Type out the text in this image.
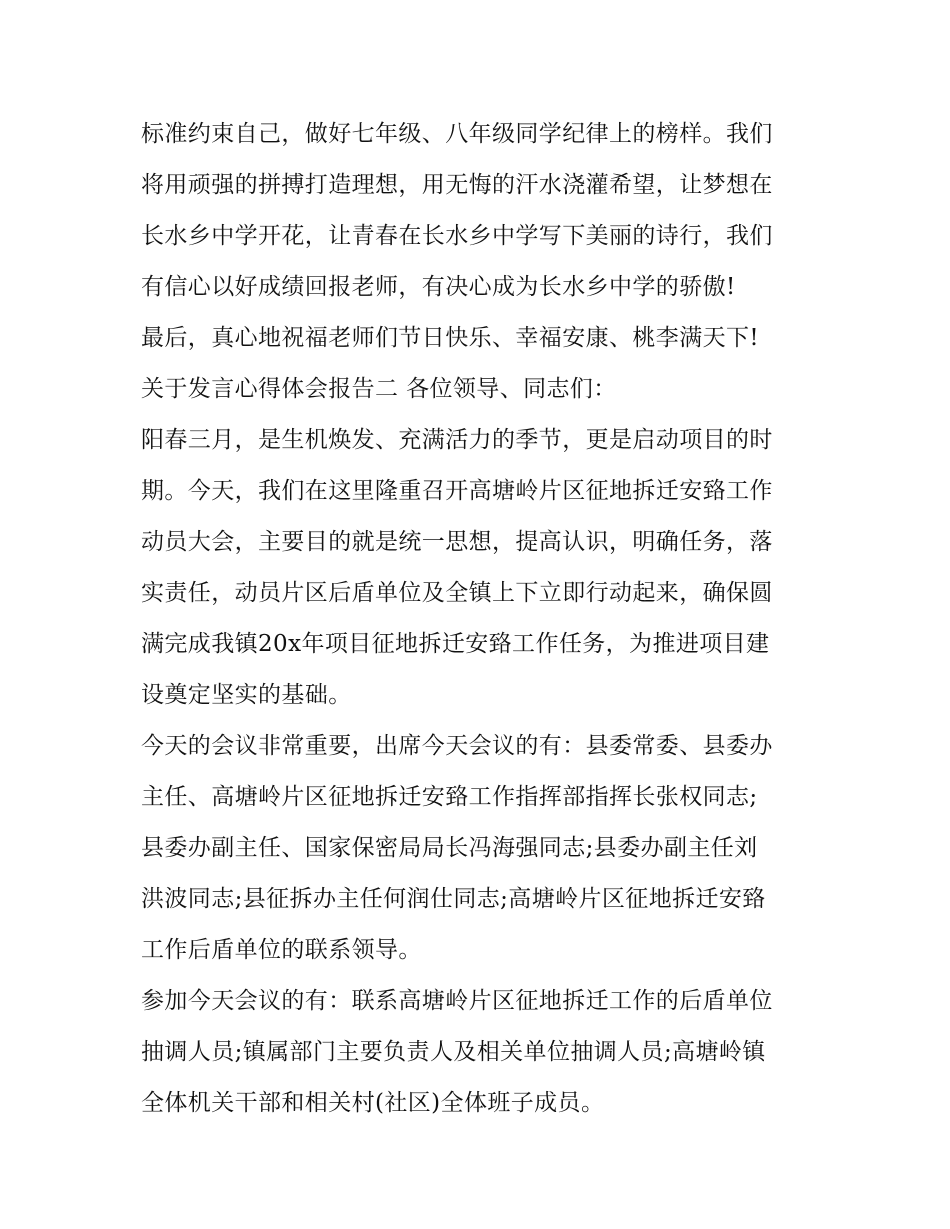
标准约束自己，做好七年级、八年级同学纪律上的榜样。我们
将用顽强的拼搏打造理想，用无悔的汗水浇灌希望，让梦想在
长水乡中学开花，让青春在长水乡中学写下美丽的诗行，我们
有信心以好成绩回报老师，有决心成为长水乡中学的骄傲!
最后，真心地祝福老师们节日快乐、幸福安康、桃李满天下!
关于发言心得体会报告二 各位领导、同志们：
阳春三月，是生机焕发、充满活力的季节，更是启动项目的时
期。今天，我们在这里隆重召开高塘岭片区征地拆迁安臵工作
动员大会，主要目的就是统一思想，提高认识，明确任务，落
实责任，动员片区后盾单位及全镇上下立即行动起来，确保圆
满完成我镇20x年项目征地拆迁安臵工作任务，为推进项目建
设奠定坚实的基础。
今天的会议非常重要，出席今天会议的有：县委常委、县委办
主任、高塘岭片区征地拆迁安臵工作指挥部指挥长张权同志;
县委办副主任、国家保密局局长冯海强同志;县委办副主任刘
洪波同志;县征拆办主任何润仕同志;高塘岭片区征地拆迁安臵
工作后盾单位的联系领导。
参加今天会议的有：联系高塘岭片区征地拆迁工作的后盾单位
抽调人员;镇属部门主要负责人及相关单位抽调人员;高塘岭镇
全体机关干部和相关村(社区)全体班子成员。
